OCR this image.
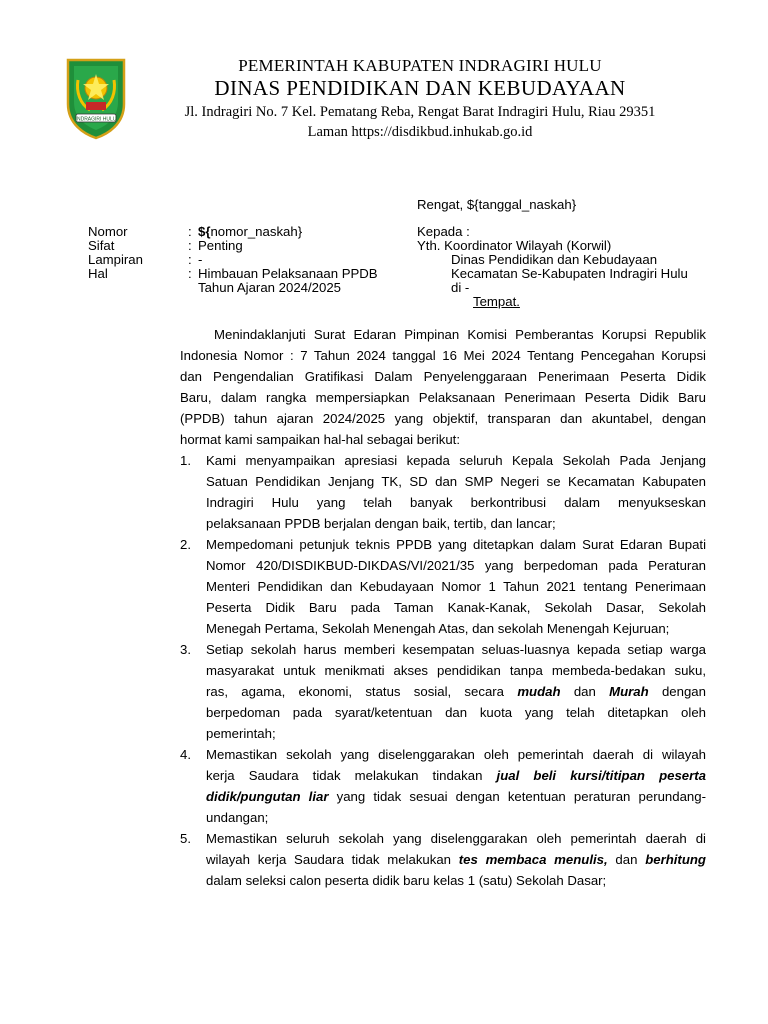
INDRAGIRI HULU
PEMERINTAH KABUPATEN INDRAGIRI HULU
DINAS PENDIDIKAN DAN KEBUDAYAAN
Jl. Indragiri No. 7 Kel. Pematang Reba, Rengat Barat Indragiri Hulu, Riau 29351
Laman https://disdikbud.inhukab.go.id
Rengat, ${tanggal_naskah}
Nomor	: ${nomor_naskah}
Sifat	: Penting
Lampiran	: -
Hal	: Himbauan Pelaksanaan PPDB
Tahun Ajaran 2024/2025
Kepada :
Yth. Koordinator Wilayah (Korwil)
Dinas Pendidikan dan Kebudayaan
Kecamatan Se-Kabupaten Indragiri Hulu
di -
Tempat.
Menindaklanjuti Surat Edaran Pimpinan Komisi Pemberantas Korupsi Republik
Indonesia Nomor : 7 Tahun 2024 tanggal 16 Mei 2024 Tentang Pencegahan Korupsi
dan Pengendalian Gratifikasi Dalam Penyelenggaraan Penerimaan Peserta Didik
Baru, dalam rangka mempersiapkan Pelaksanaan Penerimaan Peserta Didik Baru
(PPDB) tahun ajaran 2024/2025 yang objektif, transparan dan akuntabel, dengan
hormat kami sampaikan hal-hal sebagai berikut:
1. Kami menyampaikan apresiasi kepada seluruh Kepala Sekolah Pada Jenjang
Satuan Pendidikan Jenjang TK, SD dan SMP Negeri se Kecamatan Kabupaten
Indragiri Hulu yang telah banyak berkontribusi dalam menyukseskan
pelaksanaan PPDB berjalan dengan baik, tertib, dan lancar;
2. Mempedomani petunjuk teknis PPDB yang ditetapkan dalam Surat Edaran Bupati
Nomor 420/DISDIKBUD-DIKDAS/VI/2021/35 yang berpedoman pada Peraturan
Menteri Pendidikan dan Kebudayaan Nomor 1 Tahun 2021 tentang Penerimaan
Peserta Didik Baru pada Taman Kanak-Kanak, Sekolah Dasar, Sekolah
Menegah Pertama, Sekolah Menengah Atas, dan sekolah Menengah Kejuruan;
3. Setiap sekolah harus memberi kesempatan seluas-luasnya kepada setiap warga
masyarakat untuk menikmati akses pendidikan tanpa membeda-bedakan suku,
ras, agama, ekonomi, status sosial, secara mudah dan Murah dengan
berpedoman pada syarat/ketentuan dan kuota yang telah ditetapkan oleh
pemerintah;
4. Memastikan sekolah yang diselenggarakan oleh pemerintah daerah di wilayah
kerja Saudara tidak melakukan tindakan jual beli kursi/titipan peserta
didik/pungutan liar yang tidak sesuai dengan ketentuan peraturan perundang-
undangan;
5. Memastikan seluruh sekolah yang diselenggarakan oleh pemerintah daerah di
wilayah kerja Saudara tidak melakukan tes membaca menulis, dan berhitung
dalam seleksi calon peserta didik baru kelas 1 (satu) Sekolah Dasar;
